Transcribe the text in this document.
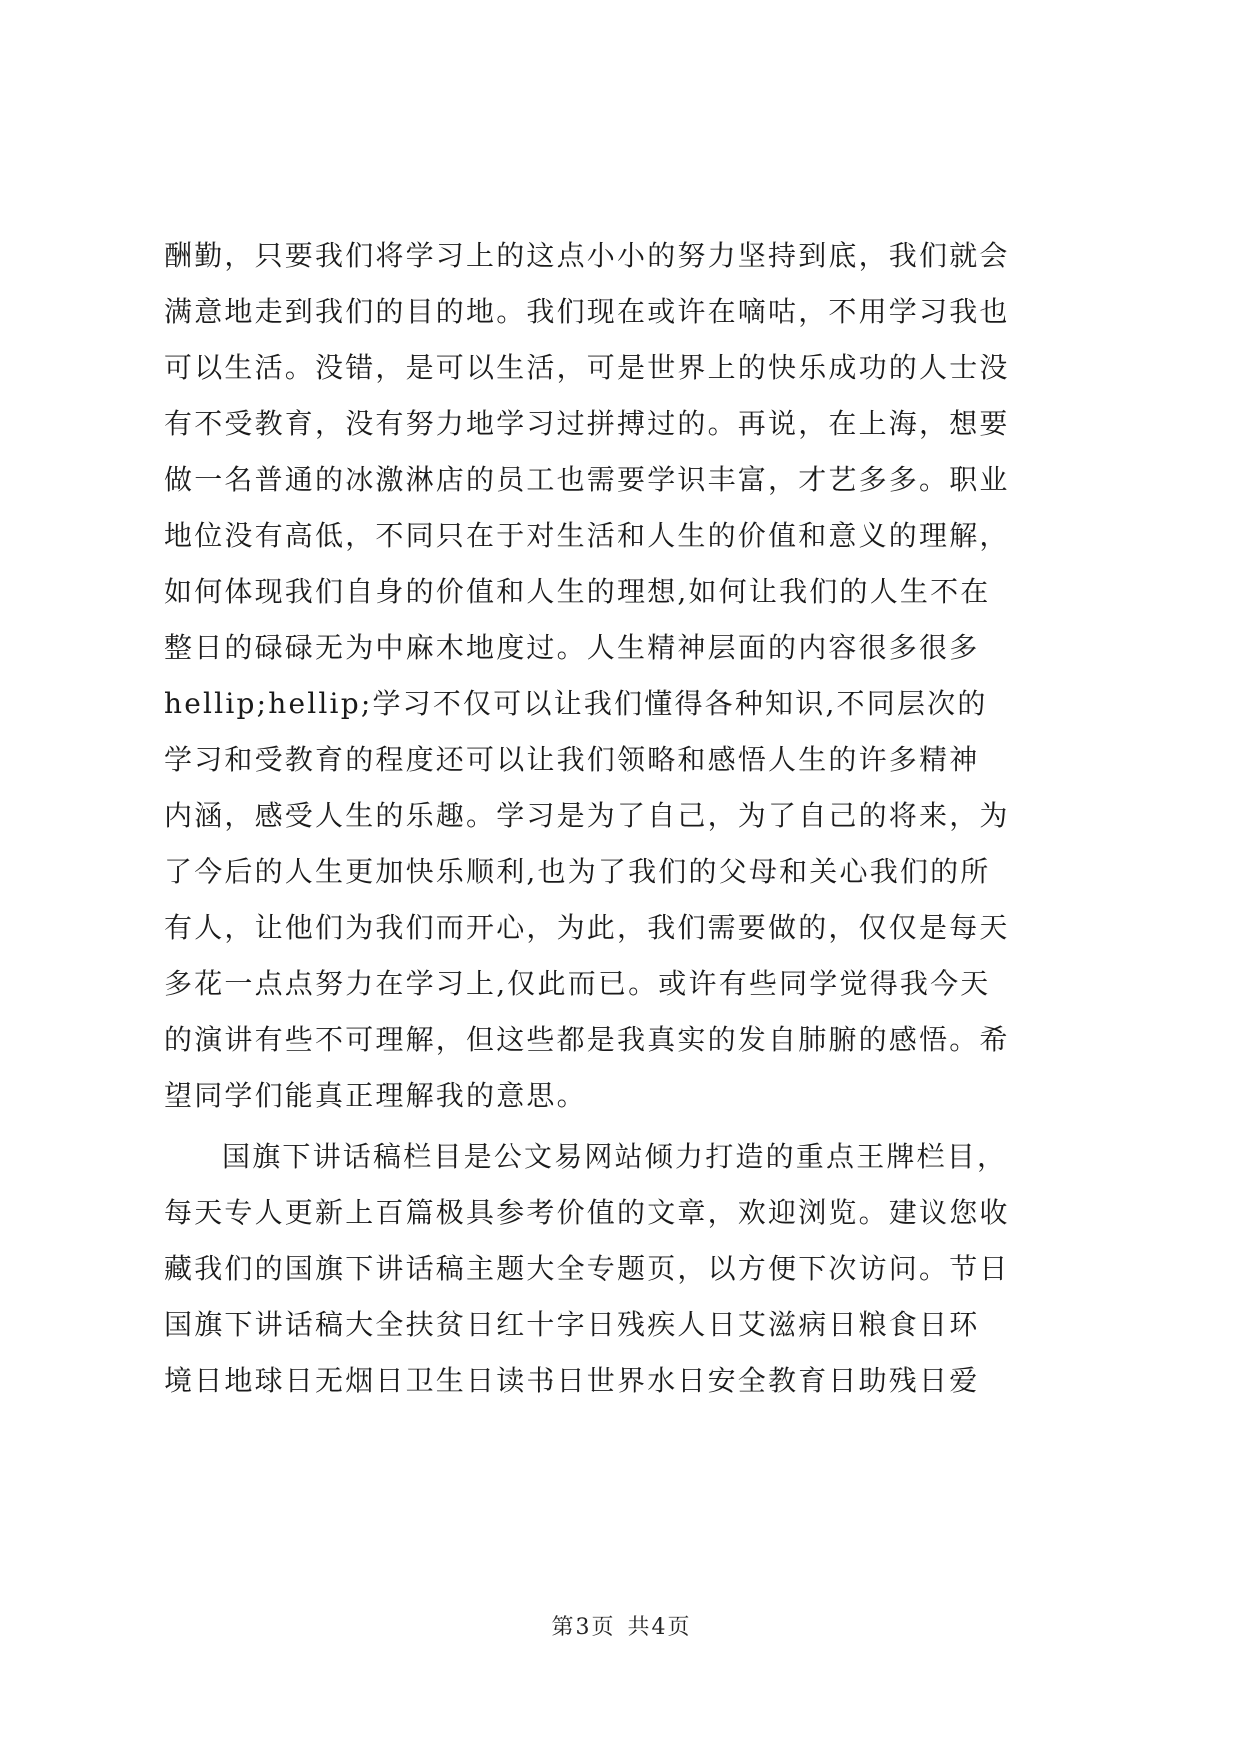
酬勤，只要我们将学习上的这点小小的努力坚持到底，我们就会
满意地走到我们的目的地。我们现在或许在嘀咕，不用学习我也
可以生活。没错，是可以生活，可是世界上的快乐成功的人士没
有不受教育，没有努力地学习过拼搏过的。再说，在上海，想要
做一名普通的冰激淋店的员工也需要学识丰富，才艺多多。职业
地位没有高低，不同只在于对生活和人生的价值和意义的理解，
如何体现我们自身的价值和人生的理想,如何让我们的人生不在
整日的碌碌无为中麻木地度过。人生精神层面的内容很多很多
hellip;hellip;学习不仅可以让我们懂得各种知识,不同层次的
学习和受教育的程度还可以让我们领略和感悟人生的许多精神
内涵，感受人生的乐趣。学习是为了自己，为了自己的将来，为
了今后的人生更加快乐顺利,也为了我们的父母和关心我们的所
有人，让他们为我们而开心，为此，我们需要做的，仅仅是每天
多花一点点努力在学习上,仅此而已。或许有些同学觉得我今天
的演讲有些不可理解，但这些都是我真实的发自肺腑的感悟。希
望同学们能真正理解我的意思。
国旗下讲话稿栏目是公文易网站倾力打造的重点王牌栏目，
每天专人更新上百篇极具参考价值的文章，欢迎浏览。建议您收
藏我们的国旗下讲话稿主题大全专题页，以方便下次访问。节日
国旗下讲话稿大全扶贫日红十字日残疾人日艾滋病日粮食日环
境日地球日无烟日卫生日读书日世界水日安全教育日助残日爱
第3页 共4页
